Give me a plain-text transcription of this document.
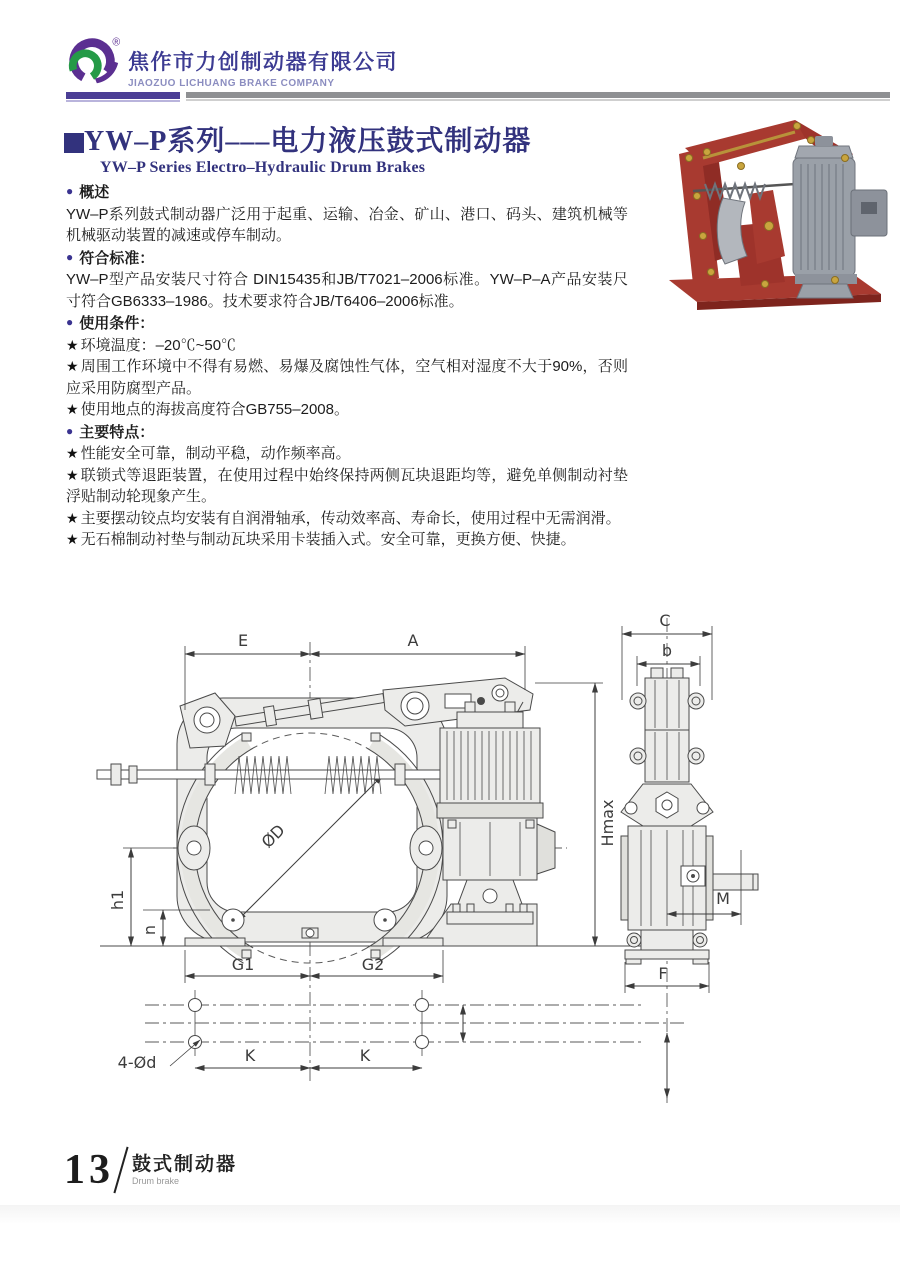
®
焦作市力创制动器有限公司
JIAOZUO LICHUANG BRAKE COMPANY
YW–P系列–––电力液压鼓式制动器
YW–P Series Electro–Hydraulic Drum Brakes

● 概述

YW–P系列鼓式制动器广泛用于起重、运输、冶金、矿山、港口、码头、建筑机械等机械驱动装置的减速或停车制动。

● 符合标准：

YW–P型产品安装尺寸符合 DIN15435和JB/T7021–2006标准。YW–P–A产品安装尺寸符合GB6333–1986。技术要求符合JB/T6406–2006标准。

● 使用条件：

★ 环境温度：–20℃~50℃

★ 周围工作环境中不得有易燃、易爆及腐蚀性气体，空气相对湿度不大于90%，否则应采用防腐型产品。

★ 使用地点的海拔高度符合GB755–2008。

● 主要特点：

★ 性能安全可靠，制动平稳，动作频率高。

★ 联锁式等退距装置，在使用过程中始终保持两侧瓦块退距均等，避免单侧制动衬垫浮贴制动轮现象产生。

★ 主要摆动铰点均安装有自润滑轴承，传动效率高、寿命长，使用过程中无需润滑。

★ 无石棉制动衬垫与制动瓦块采用卡装插入式。安全可靠，更换方便、快捷。

ØD
E	A
Hmax
h1
n
G1	G2
K	K
4-Ød
C
b
M
F
13 鼓式制动器
Drum brake
